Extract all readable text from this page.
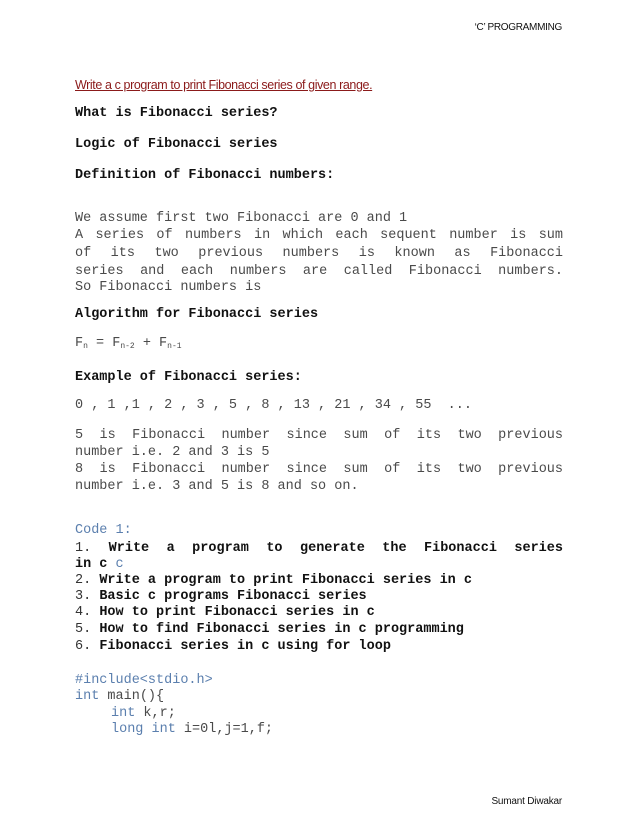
‘C’ PROGRAMMING
Write a c program to print Fibonacci series of given range.
What is Fibonacci series?
Logic of Fibonacci series
Definition of Fibonacci numbers:
We assume first two Fibonacci are 0 and 1
A series of numbers in which each sequent number is sum
of its two previous numbers is known as Fibonacci
series and each numbers are called Fibonacci numbers.
So Fibonacci numbers is
Algorithm for Fibonacci series
$F_n = F_{n-2} + F_{n-1}$
Example of Fibonacci series:
0 , 1 ,1 , 2 , 3 , 5 , 8 , 13 , 21 , 34 , 55  ...
5 is Fibonacci number since sum of its two previous
number i.e. 2 and 3 is 5
8 is Fibonacci number since sum of its two previous
number i.e. 3 and 5 is 8 and so on.
Code 1:
1. Write a program to generate the Fibonacci series
in c c
2. Write a program to print Fibonacci series in c
3. Basic c programs Fibonacci series
4. How to print Fibonacci series in c
5. How to find Fibonacci series in c programming
6. Fibonacci series in c using for loop
#include<stdio.h>
int main(){
int k,r;
long int i=0l,j=1,f;
Sumant Diwakar
